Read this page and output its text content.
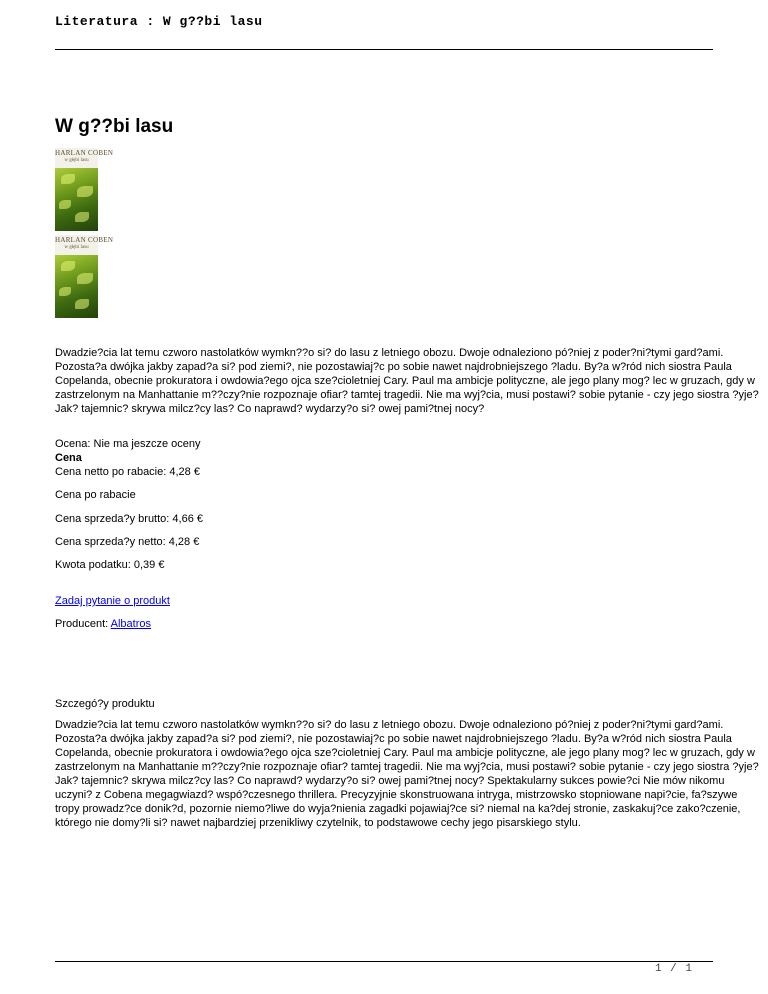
Literatura : W g??bi lasu
W g??bi lasu
HARLAN COBEN
w głębi lasu
HARLAN COBEN
w głębi lasu
Dwadzie?cia lat temu czworo nastolatków wymkn??o si? do lasu z letniego obozu. Dwoje odnaleziono pó?niej z poder?ni?tymi gard?ami.
Pozosta?a dwójka jakby zapad?a si? pod ziemi?, nie pozostawiaj?c po sobie nawet najdrobniejszego ?ladu. By?a w?ród nich siostra Paula
Copelanda, obecnie prokuratora i owdowia?ego ojca sze?cioletniej Cary. Paul ma ambicje polityczne, ale jego plany mog? lec w gruzach, gdy w
zastrzelonym na Manhattanie m??czy?nie rozpoznaje ofiar? tamtej tragedii. Nie ma wyj?cia, musi postawi? sobie pytanie - czy jego siostra ?yje?
Jak? tajemnic? skrywa milcz?cy las? Co naprawd? wydarzy?o si? owej pami?tnej nocy?
Ocena: Nie ma jeszcze oceny
Cena
Cena netto po rabacie: 4,28 €
Cena po rabacie
Cena sprzeda?y brutto: 4,66 €
Cena sprzeda?y netto: 4,28 €
Kwota podatku: 0,39 €
Zadaj pytanie o produkt
Producent: Albatros
Szczegó?y produktu
Dwadzie?cia lat temu czworo nastolatków wymkn??o si? do lasu z letniego obozu. Dwoje odnaleziono pó?niej z poder?ni?tymi gard?ami.
Pozosta?a dwójka jakby zapad?a si? pod ziemi?, nie pozostawiaj?c po sobie nawet najdrobniejszego ?ladu. By?a w?ród nich siostra Paula
Copelanda, obecnie prokuratora i owdowia?ego ojca sze?cioletniej Cary. Paul ma ambicje polityczne, ale jego plany mog? lec w gruzach, gdy w
zastrzelonym na Manhattanie m??czy?nie rozpoznaje ofiar? tamtej tragedii. Nie ma wyj?cia, musi postawi? sobie pytanie - czy jego siostra ?yje?
Jak? tajemnic? skrywa milcz?cy las? Co naprawd? wydarzy?o si? owej pami?tnej nocy? Spektakularny sukces powie?ci Nie mów nikomu
uczyni? z Cobena megagwiazd? wspó?czesnego thrillera. Precyzyjnie skonstruowana intryga, mistrzowsko stopniowane napi?cie, fa?szywe
tropy prowadz?ce donik?d, pozornie niemo?liwe do wyja?nienia zagadki pojawiaj?ce si? niemal na ka?dej stronie, zaskakuj?ce zako?czenie,
którego nie domy?li si? nawet najbardziej przenikliwy czytelnik, to podstawowe cechy jego pisarskiego stylu.
1 / 1
